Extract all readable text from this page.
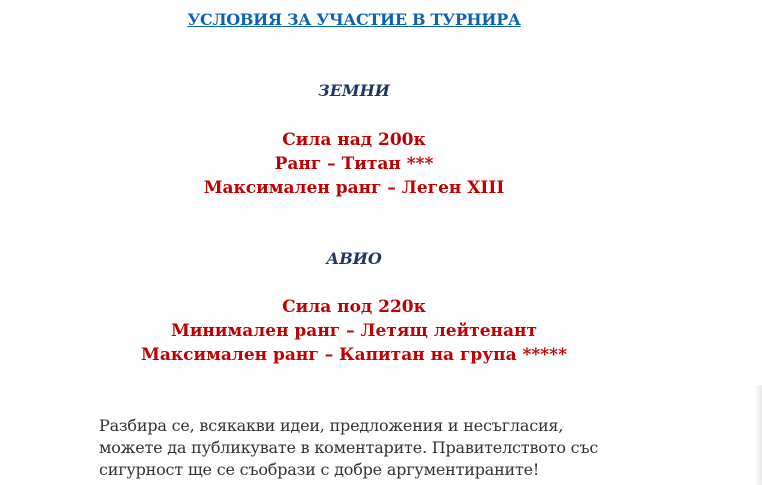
УСЛОВИЯ ЗА УЧАСТИЕ В ТУРНИРА
ЗЕМНИ
Сила над 200к
Ранг – Титан ***
Максимален ранг – Леген XIII
АВИО
Сила под 220к
Минимален ранг – Летящ лейтенант
Максимален ранг – Капитан на група *****
Разбира се, всякакви идеи, предложения и несъгласия,
можете да публикувате в коментарите. Правителството със
сигурност ще се съобрази с добре аргументираните!
